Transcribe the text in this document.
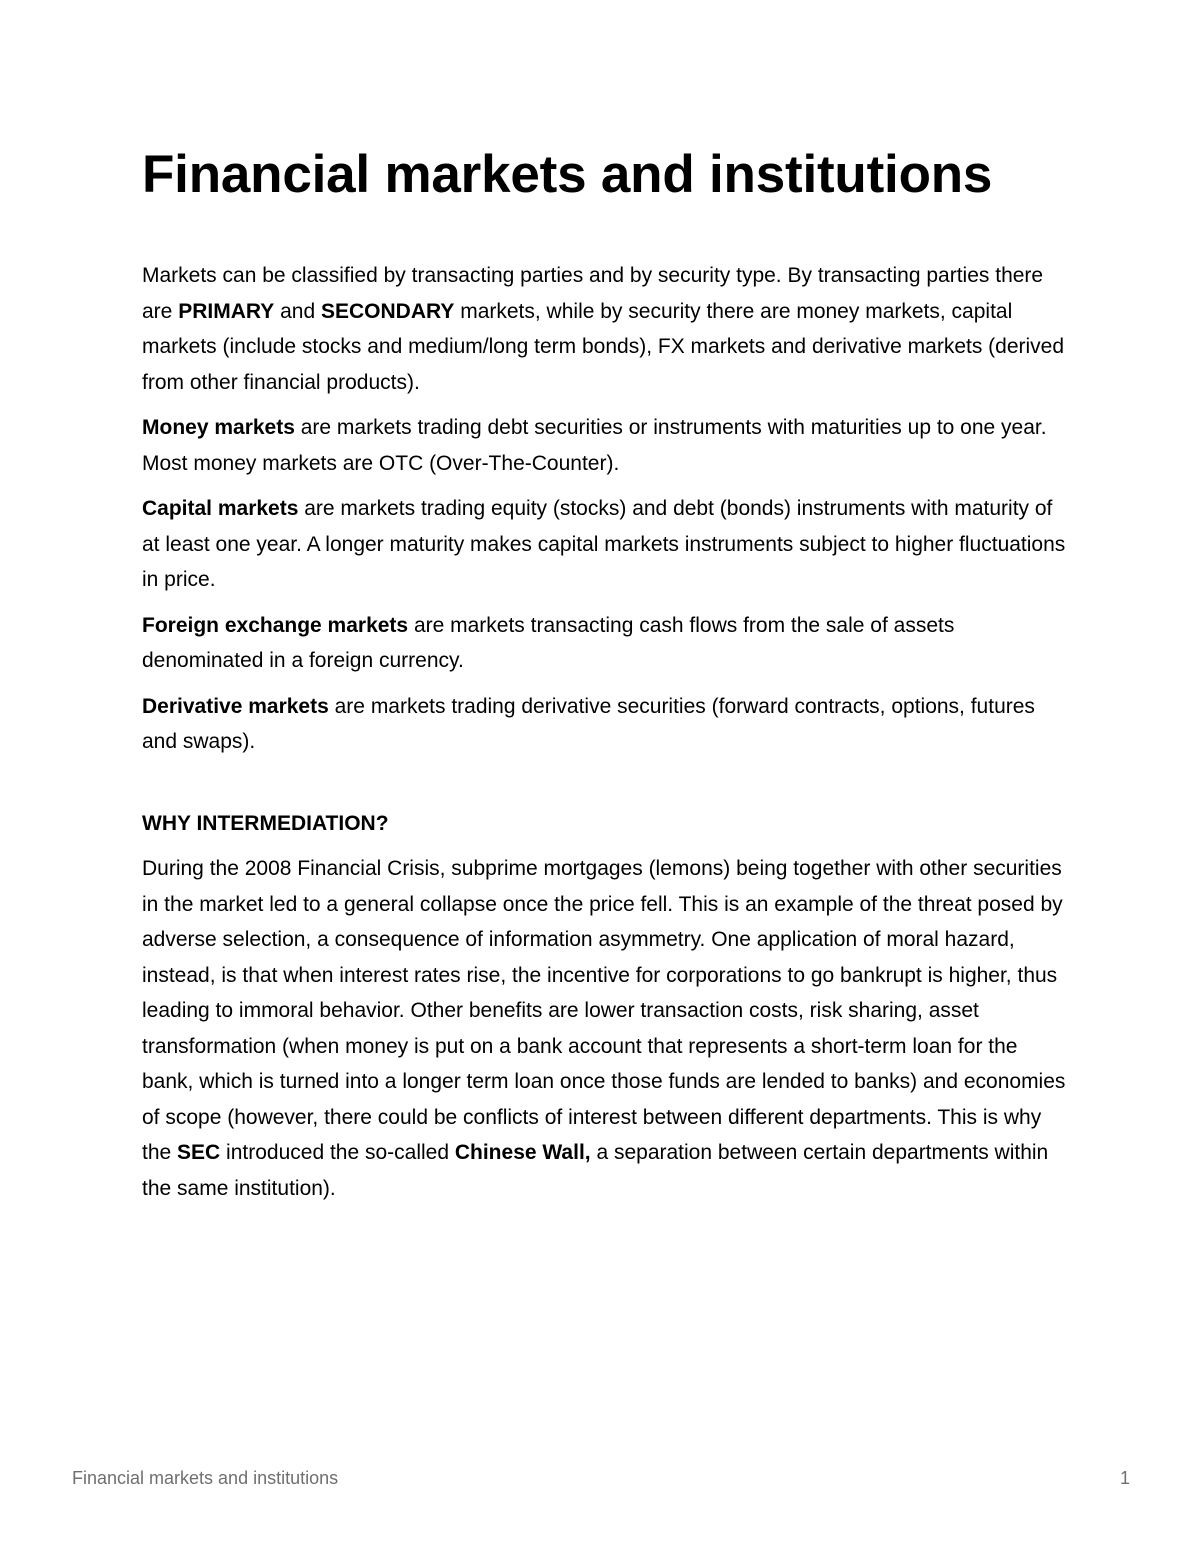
Financial markets and institutions

Markets can be classified by transacting parties and by security type. By transacting parties there are PRIMARY and SECONDARY markets, while by security there are money markets, capital markets (include stocks and medium/long term bonds), FX markets and derivative markets (derived from other financial products).

Money markets are markets trading debt securities or instruments with maturities up to one year. Most money markets are OTC (Over-The-Counter).

Capital markets are markets trading equity (stocks) and debt (bonds) instruments with maturity of at least one year. A longer maturity makes capital markets instruments subject to higher fluctuations in price.

Foreign exchange markets are markets transacting cash flows from the sale of assets denominated in a foreign currency.

Derivative markets are markets trading derivative securities (forward contracts, options, futures and swaps).

WHY INTERMEDIATION?

During the 2008 Financial Crisis, subprime mortgages (lemons) being together with other securities in the market led to a general collapse once the price fell. This is an example of the threat posed by adverse selection, a consequence of information asymmetry. One application of moral hazard, instead, is that when interest rates rise, the incentive for corporations to go bankrupt is higher, thus leading to immoral behavior. Other benefits are lower transaction costs, risk sharing, asset transformation (when money is put on a bank account that represents a short-term loan for the bank, which is turned into a longer term loan once those funds are lended to banks) and economies of scope (however, there could be conflicts of interest between different departments. This is why the SEC introduced the so-called Chinese Wall, a separation between certain departments within the same institution).

Financial markets and institutions	1
